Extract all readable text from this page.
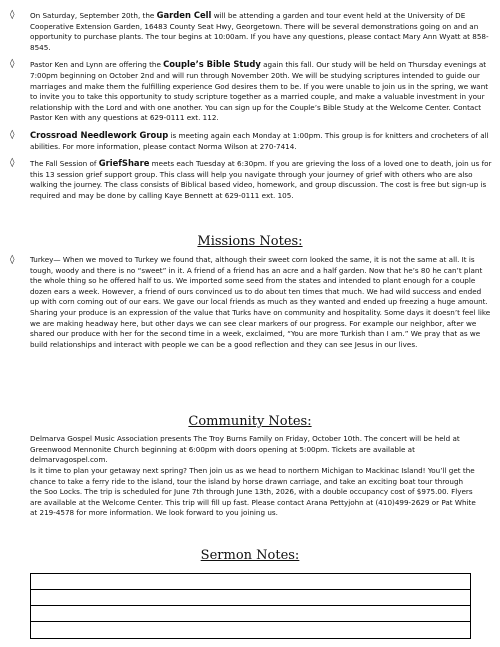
◊	On Saturday, September 20th, the Garden Cell will be attending a garden and tour event held at the University of DE Cooperative Extension Garden, 16483 County Seat Hwy, Georgetown. There will be several demonstrations going on and an opportunity to purchase plants. The tour begins at 10:00am. If you have any questions, please contact Mary Ann Wyatt at 858-8545.
◊	Pastor Ken and Lynn are offering the Couple’s Bible Study again this fall. Our study will be held on Thursday evenings at 7:00pm beginning on October 2nd and will run through November 20th. We will be studying scriptures intended to guide our marriages and make them the fulfilling experience God desires them to be. If you were unable to join us in the spring, we want to invite you to take this opportunity to study scripture together as a married couple, and make a valuable investment in your relationship with the Lord and with one another. You can sign up for the Couple’s Bible Study at the Welcome Center. Contact Pastor Ken with any questions at 629-0111 ext. 112.
◊	Crossroad Needlework Group is meeting again each Monday at 1:00pm. This group is for knitters and crocheters of all abilities. For more information, please contact Norma Wilson at 270-7414.
◊	The Fall Session of GriefShare meets each Tuesday at 6:30pm. If you are grieving the loss of a loved one to death, join us for this 13 session grief support group. This class will help you navigate through your journey of grief with others who are also walking the journey. The class consists of Biblical based video, homework, and group discussion. The cost is free but sign-up is required and may be done by calling Kaye Bennett at 629-0111 ext. 105.
Missions Notes:
◊	Turkey— When we moved to Turkey we found that, although their sweet corn looked the same, it is not the same at all. It is tough, woody and there is no “sweet” in it. A friend of a friend has an acre and a half garden. Now that he’s 80 he can’t plant the whole thing so he offered half to us. We imported some seed from the states and intended to plant enough for a couple dozen ears a week. However, a friend of ours convinced us to do about ten times that much. We had wild success and ended up with corn coming out of our ears. We gave our local friends as much as they wanted and ended up freezing a huge amount. Sharing your produce is an expression of the value that Turks have on community and hospitality. Some days it doesn’t feel like we are making headway here, but other days we can see clear markers of our progress. For example our neighbor, after we shared our produce with her for the second time in a week, exclaimed, “You are more Turkish than I am.” We pray that as we build relationships and interact with people we can be a good reflection and they can see Jesus in our lives.
Community Notes:
Delmarva Gospel Music Association presents The Troy Burns Family on Friday, October 10th. The concert will be held at Greenwood Mennonite Church beginning at 6:00pm with doors opening at 5:00pm. Tickets are available at delmarvagospel.com.
Is it time to plan your getaway next spring? Then join us as we head to northern Michigan to Mackinac Island! You’ll get the chance to take a ferry ride to the island, tour the island by horse drawn carriage, and take an exciting boat tour through the Soo Locks. The trip is scheduled for June 7th through June 13th, 2026, with a double occupancy cost of $975.00. Flyers are available at the Welcome Center. This trip will fill up fast. Please contact Arana Pettyjohn at (410)499-2629 or Pat White at 219-4578 for more information. We look forward to you joining us.
Sermon Notes:
